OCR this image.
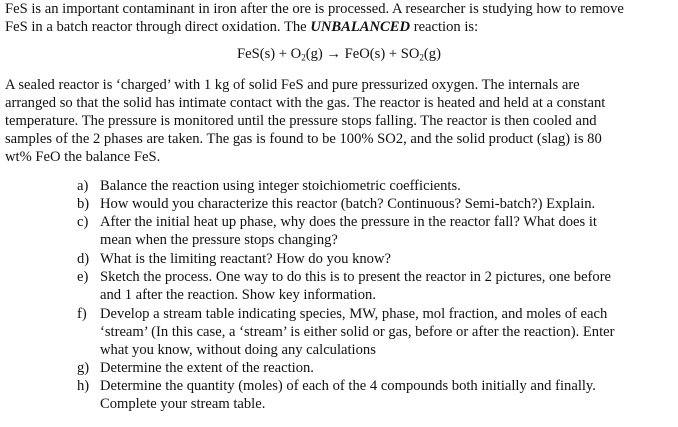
FeS is an important contaminant in iron after the ore is processed. A researcher is studying how to remove
FeS in a batch reactor through direct oxidation. The UNBALANCED reaction is:
$FeS(s) + O_2(g) \to FeO(s) + SO_2(g)$
A sealed reactor is ‘charged’ with 1 kg of solid FeS and pure pressurized oxygen. The internals are
arranged so that the solid has intimate contact with the gas. The reactor is heated and held at a constant
temperature. The pressure is monitored until the pressure stops falling. The reactor is then cooled and
samples of the 2 phases are taken. The gas is found to be 100% SO2, and the solid product (slag) is 80
wt% FeO the balance FeS.
a) Balance the reaction using integer stoichiometric coefficients.
b) How would you characterize this reactor (batch? Continuous? Semi-batch?) Explain.
c) After the initial heat up phase, why does the pressure in the reactor fall? What does it
mean when the pressure stops changing?
d) What is the limiting reactant? How do you know?
e) Sketch the process. One way to do this is to present the reactor in 2 pictures, one before
and 1 after the reaction. Show key information.
f) Develop a stream table indicating species, MW, phase, mol fraction, and moles of each
‘stream’ (In this case, a ‘stream’ is either solid or gas, before or after the reaction). Enter
what you know, without doing any calculations
g) Determine the extent of the reaction.
h) Determine the quantity (moles) of each of the 4 compounds both initially and finally.
Complete your stream table.
